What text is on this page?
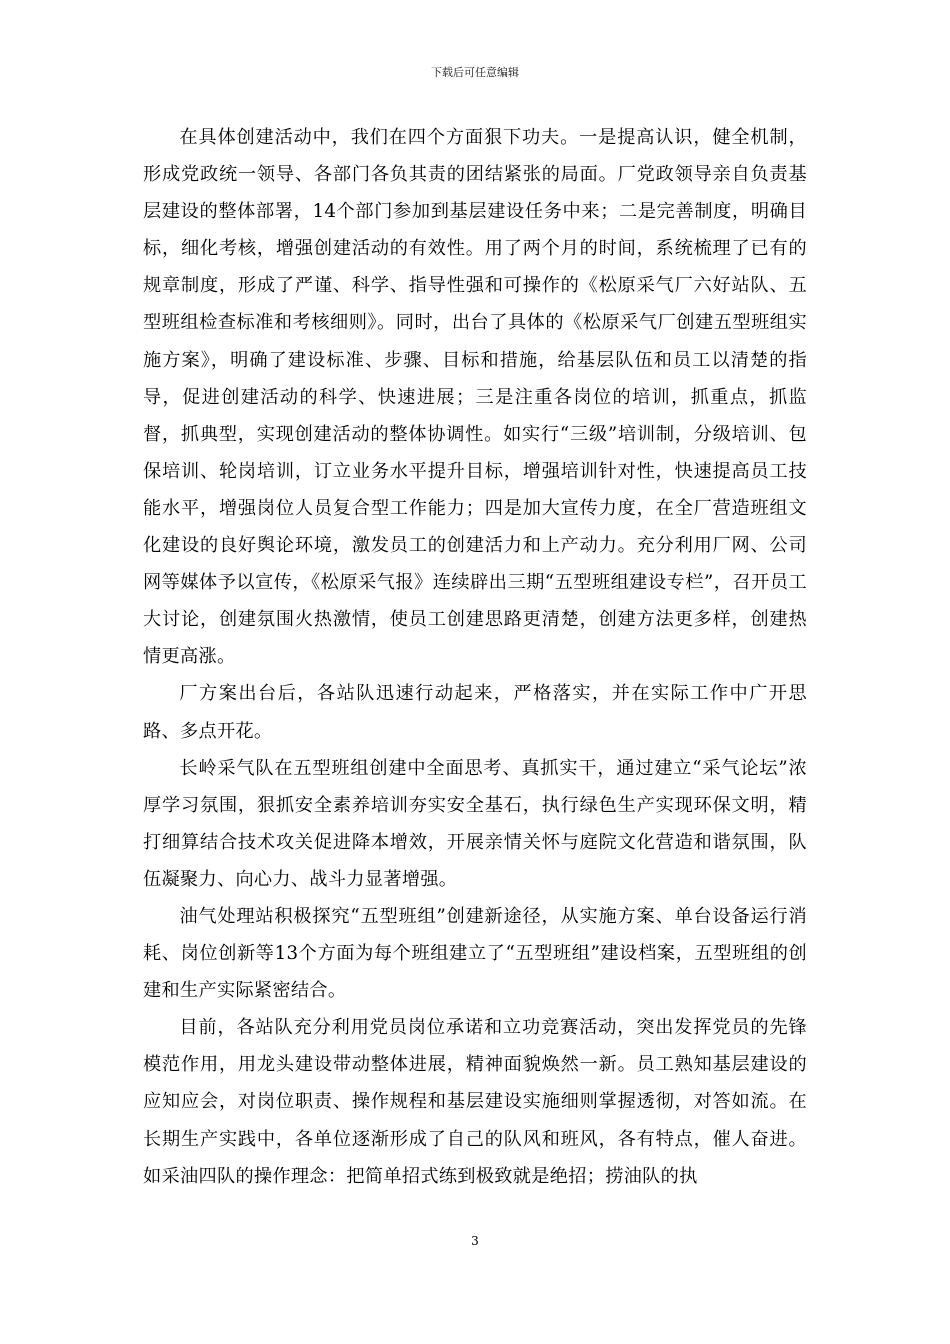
下载后可任意编辑

在具体创建活动中，我们在四个方面狠下功夫。一是提高认识，健全机制，形成党政统一领导、各部门各负其责的团结紧张的局面。厂党政领导亲自负责基层建设的整体部署，14个部门参加到基层建设任务中来；二是完善制度，明确目标，细化考核，增强创建活动的有效性。用了两个月的时间，系统梳理了已有的规章制度，形成了严谨、科学、指导性强和可操作的《松原采气厂六好站队、五型班组检查标准和考核细则》。同时，出台了具体的《松原采气厂创建五型班组实施方案》，明确了建设标准、步骤、目标和措施，给基层队伍和员工以清楚的指导，促进创建活动的科学、快速进展；三是注重各岗位的培训，抓重点，抓监督，抓典型，实现创建活动的整体协调性。如实行“三级”培训制，分级培训、包保培训、轮岗培训，订立业务水平提升目标，增强培训针对性，快速提高员工技能水平，增强岗位人员复合型工作能力；四是加大宣传力度，在全厂营造班组文化建设的良好舆论环境，激发员工的创建活力和上产动力。充分利用厂网、公司网等媒体予以宣传，《松原采气报》连续辟出三期“五型班组建设专栏”，召开员工大讨论，创建氛围火热激情，使员工创建思路更清楚，创建方法更多样，创建热情更高涨。

厂方案出台后，各站队迅速行动起来，严格落实，并在实际工作中广开思路、多点开花。

长岭采气队在五型班组创建中全面思考、真抓实干，通过建立“采气论坛”浓厚学习氛围，狠抓安全素养培训夯实安全基石，执行绿色生产实现环保文明，精打细算结合技术攻关促进降本增效，开展亲情关怀与庭院文化营造和谐氛围，队伍凝聚力、向心力、战斗力显著增强。

油气处理站积极探究“五型班组”创建新途径，从实施方案、单台设备运行消耗、岗位创新等13个方面为每个班组建立了“五型班组”建设档案，五型班组的创建和生产实际紧密结合。

目前，各站队充分利用党员岗位承诺和立功竞赛活动，突出发挥党员的先锋模范作用，用龙头建设带动整体进展，精神面貌焕然一新。员工熟知基层建设的应知应会，对岗位职责、操作规程和基层建设实施细则掌握透彻，对答如流。在长期生产实践中，各单位逐渐形成了自己的队风和班风，各有特点，催人奋进。如采油四队的操作理念：把简单招式练到极致就是绝招；捞油队的执

3
